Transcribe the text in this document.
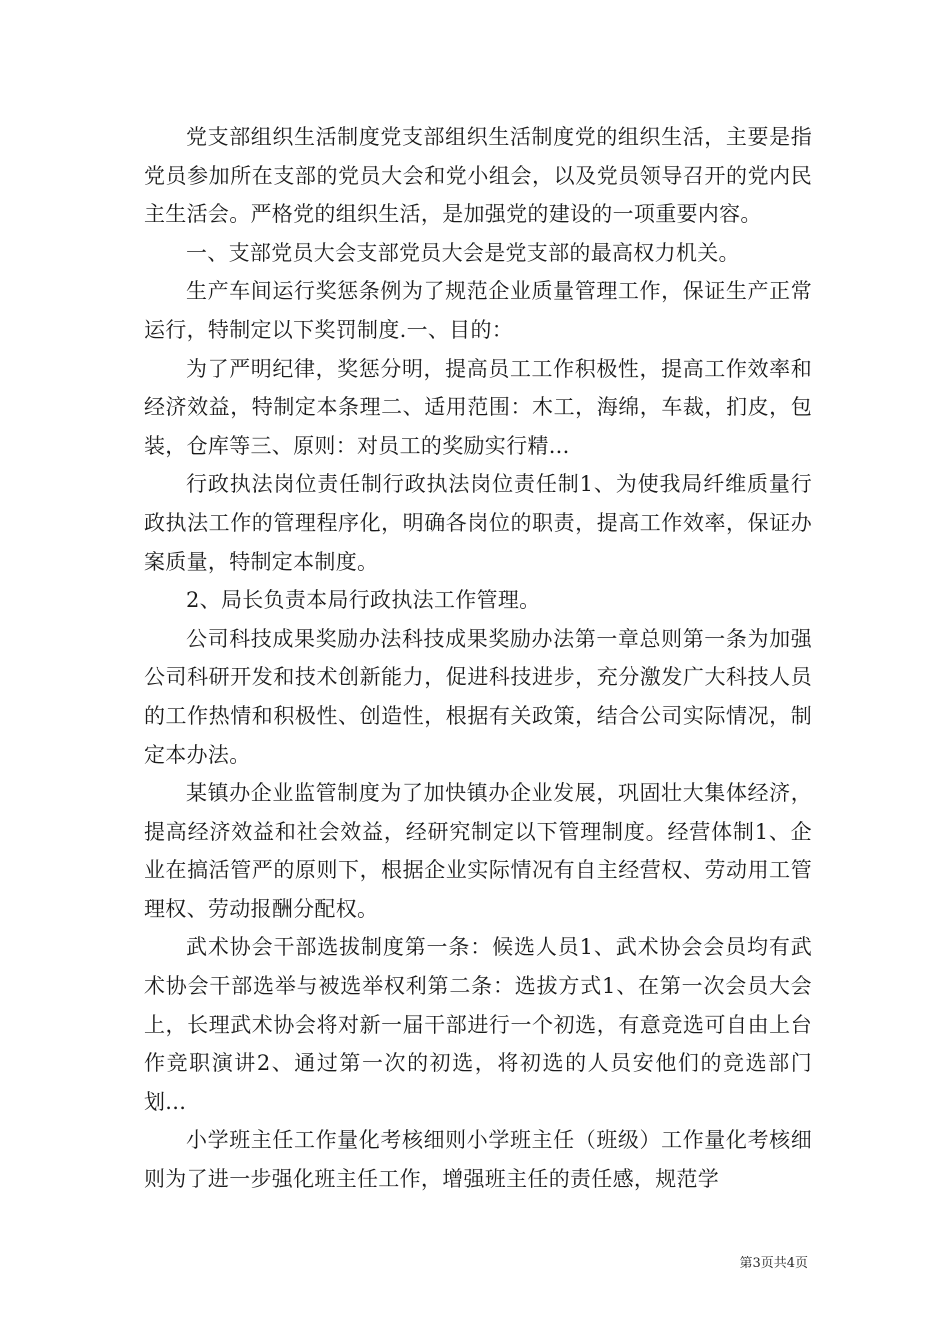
党支部组织生活制度党支部组织生活制度党的组织生活，主要是指党员参加所在支部的党员大会和党小组会，以及党员领导召开的党内民主生活会。严格党的组织生活，是加强党的建设的一项重要内容。

一、支部党员大会支部党员大会是党支部的最高权力机关。

生产车间运行奖惩条例为了规范企业质量管理工作，保证生产正常运行，特制定以下奖罚制度.一、目的：

为了严明纪律，奖惩分明，提高员工工作积极性，提高工作效率和经济效益，特制定本条理二、适用范围：木工，海绵，车裁，扪皮，包装，仓库等三、原则：对员工的奖励实行精...

行政执法岗位责任制行政执法岗位责任制1、为使我局纤维质量行政执法工作的管理程序化，明确各岗位的职责，提高工作效率，保证办案质量，特制定本制度。

2、局长负责本局行政执法工作管理。

公司科技成果奖励办法科技成果奖励办法第一章总则第一条为加强公司科研开发和技术创新能力，促进科技进步，充分激发广大科技人员的工作热情和积极性、创造性，根据有关政策，结合公司实际情况，制定本办法。

某镇办企业监管制度为了加快镇办企业发展，巩固壮大集体经济，提高经济效益和社会效益，经研究制定以下管理制度。经营体制1、企业在搞活管严的原则下，根据企业实际情况有自主经营权、劳动用工管理权、劳动报酬分配权。

武术协会干部选拔制度第一条：候选人员1、武术协会会员均有武术协会干部选举与被选举权利第二条：选拔方式1、在第一次会员大会上，长理武术协会将对新一届干部进行一个初选，有意竞选可自由上台作竞职演讲2、通过第一次的初选，将初选的人员安他们的竞选部门划...

小学班主任工作量化考核细则小学班主任（班级）工作量化考核细则为了进一步强化班主任工作，增强班主任的责任感，规范学

第3页共4页
